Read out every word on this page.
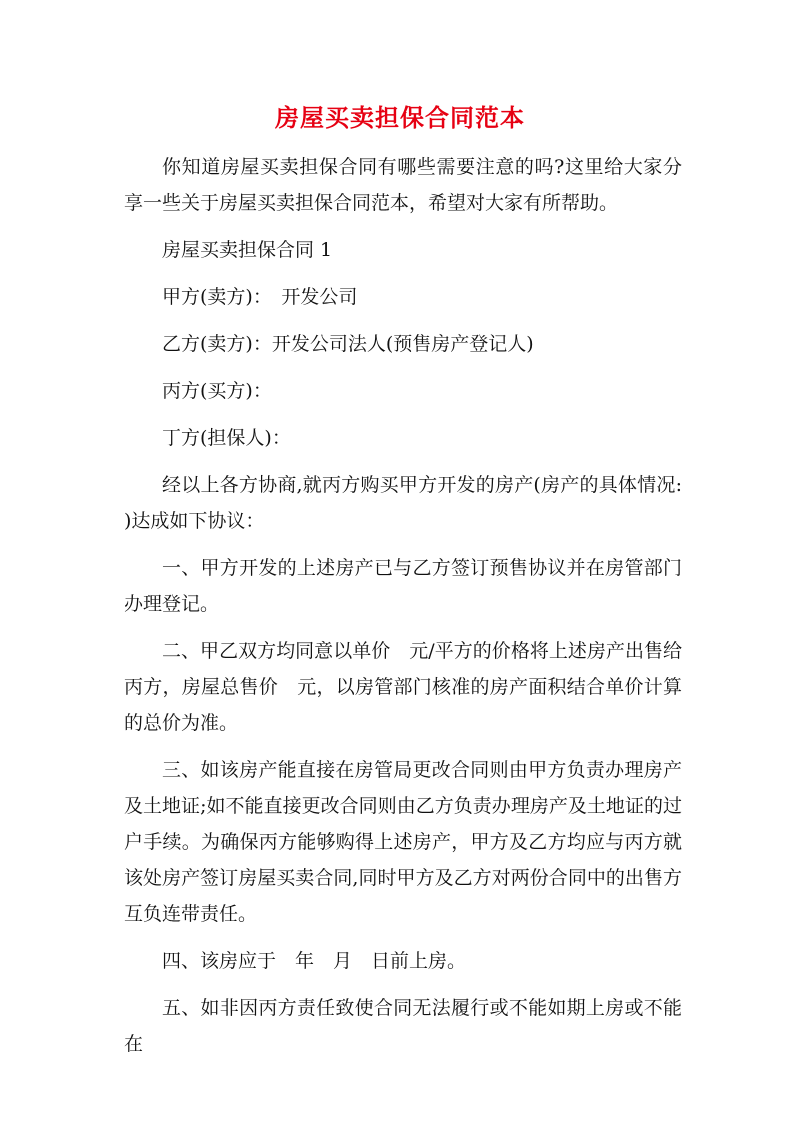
房屋买卖担保合同范本

你知道房屋买卖担保合同有哪些需要注意的吗?这里给大家分享一些关于房屋买卖担保合同范本，希望对大家有所帮助。

房屋买卖担保合同 1

甲方(卖方)：　开发公司

乙方(卖方)：开发公司法人(预售房产登记人)

丙方(买方)：

丁方(担保人)：

经以上各方协商,就丙方购买甲方开发的房产(房产的具体情况: )达成如下协议：

一、甲方开发的上述房产已与乙方签订预售协议并在房管部门办理登记。

二、甲乙双方均同意以单价　元/平方的价格将上述房产出售给丙方，房屋总售价　元，以房管部门核准的房产面积结合单价计算的总价为准。

三、如该房产能直接在房管局更改合同则由甲方负责办理房产及土地证;如不能直接更改合同则由乙方负责办理房产及土地证的过户手续。为确保丙方能够购得上述房产，甲方及乙方均应与丙方就该处房产签订房屋买卖合同,同时甲方及乙方对两份合同中的出售方互负连带责任。

四、该房应于　年　月　日前上房。

五、如非因丙方责任致使合同无法履行或不能如期上房或不能在
